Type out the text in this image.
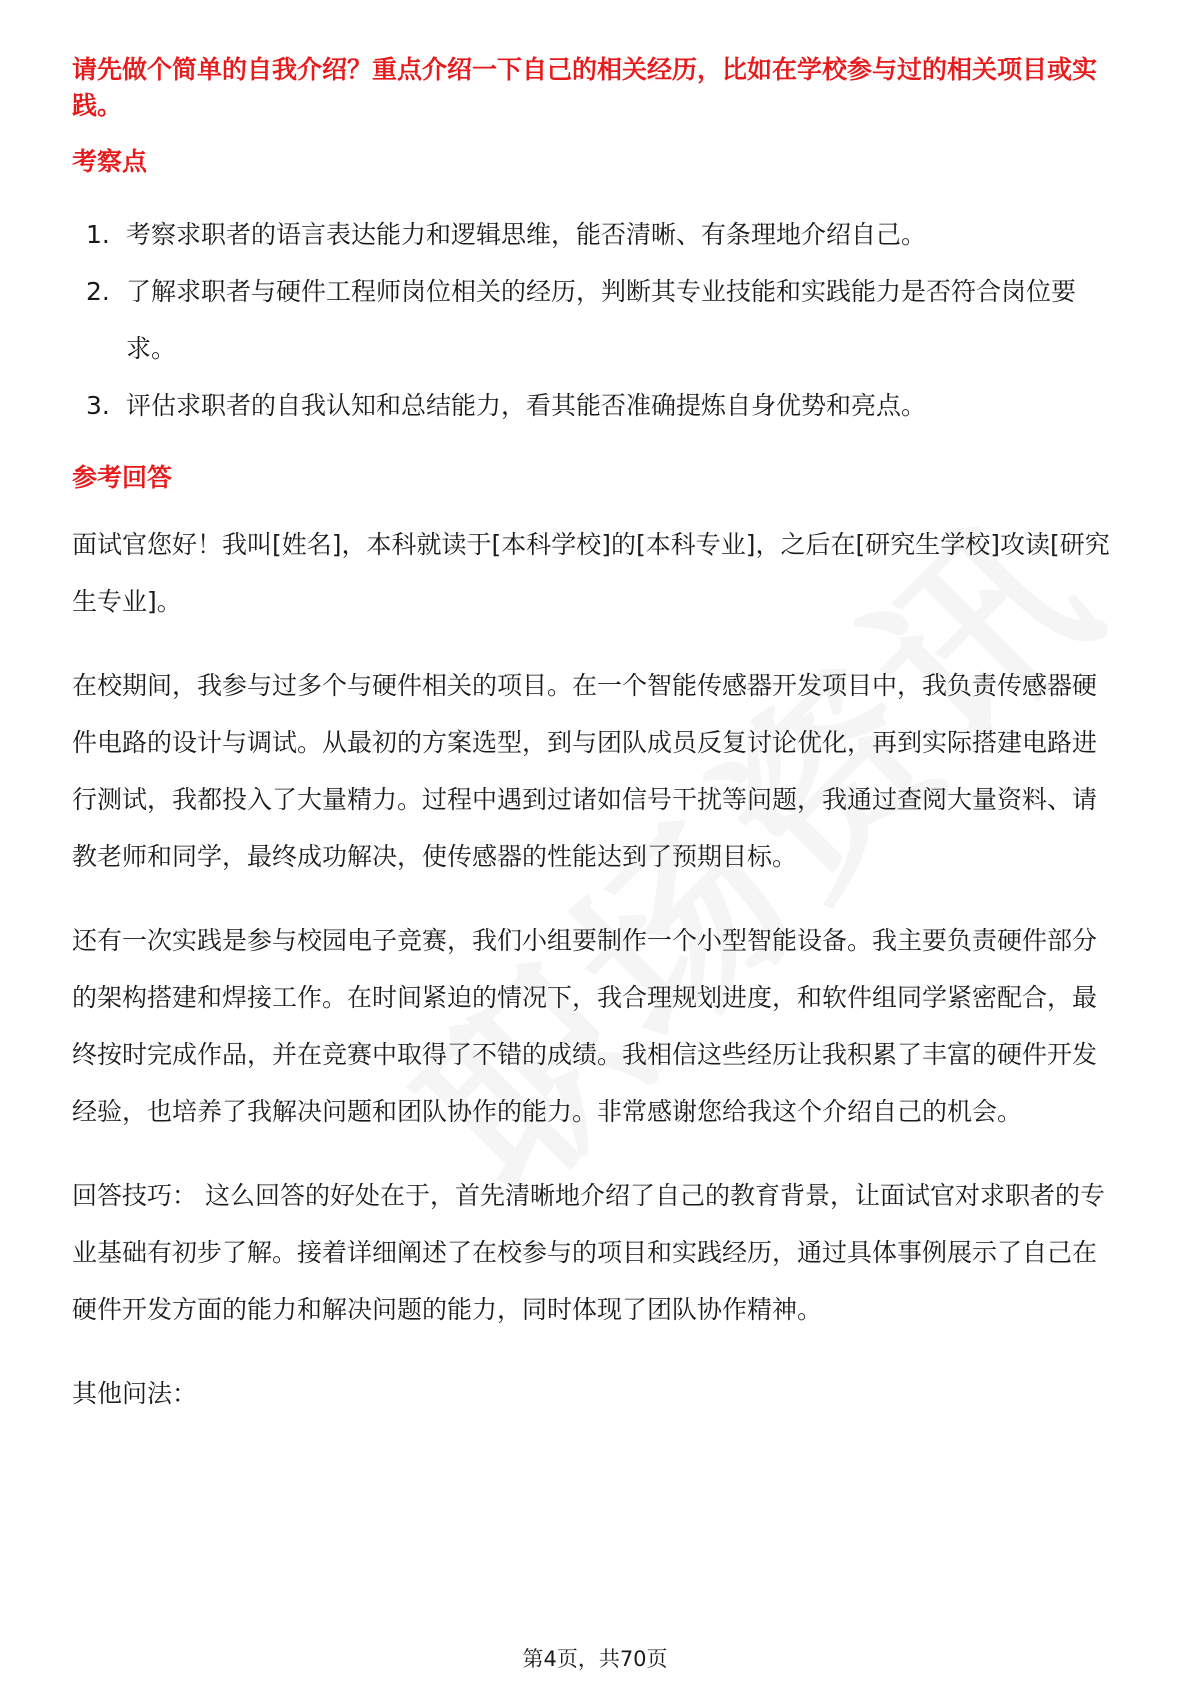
请先做个简单的自我介绍？重点介绍一下自己的相关经历，比如在学校参与过的相关项目或实践。

考察点

1. 考察求职者的语言表达能力和逻辑思维，能否清晰、有条理地介绍自己。
2. 了解求职者与硬件工程师岗位相关的经历，判断其专业技能和实践能力是否符合岗位要求。
3. 评估求职者的自我认知和总结能力，看其能否准确提炼自身优势和亮点。

参考回答

面试官您好！我叫[姓名]，本科就读于[本科学校]的[本科专业]，之后在[研究生学校]攻读[研究生专业]。

在校期间，我参与过多个与硬件相关的项目。在一个智能传感器开发项目中，我负责传感器硬件电路的设计与调试。从最初的方案选型，到与团队成员反复讨论优化，再到实际搭建电路进行测试，我都投入了大量精力。过程中遇到过诸如信号干扰等问题，我通过查阅大量资料、请教老师和同学，最终成功解决，使传感器的性能达到了预期目标。

还有一次实践是参与校园电子竞赛，我们小组要制作一个小型智能设备。我主要负责硬件部分的架构搭建和焊接工作。在时间紧迫的情况下，我合理规划进度，和软件组同学紧密配合，最终按时完成作品，并在竞赛中取得了不错的成绩。我相信这些经历让我积累了丰富的硬件开发经验，也培养了我解决问题和团队协作的能力。非常感谢您给我这个介绍自己的机会。

回答技巧： 这么回答的好处在于，首先清晰地介绍了自己的教育背景，让面试官对求职者的专业基础有初步了解。接着详细阐述了在校参与的项目和实践经历，通过具体事例展示了自己在硬件开发方面的能力和解决问题的能力，同时体现了团队协作精神。

其他问法：

第4页，共70页
